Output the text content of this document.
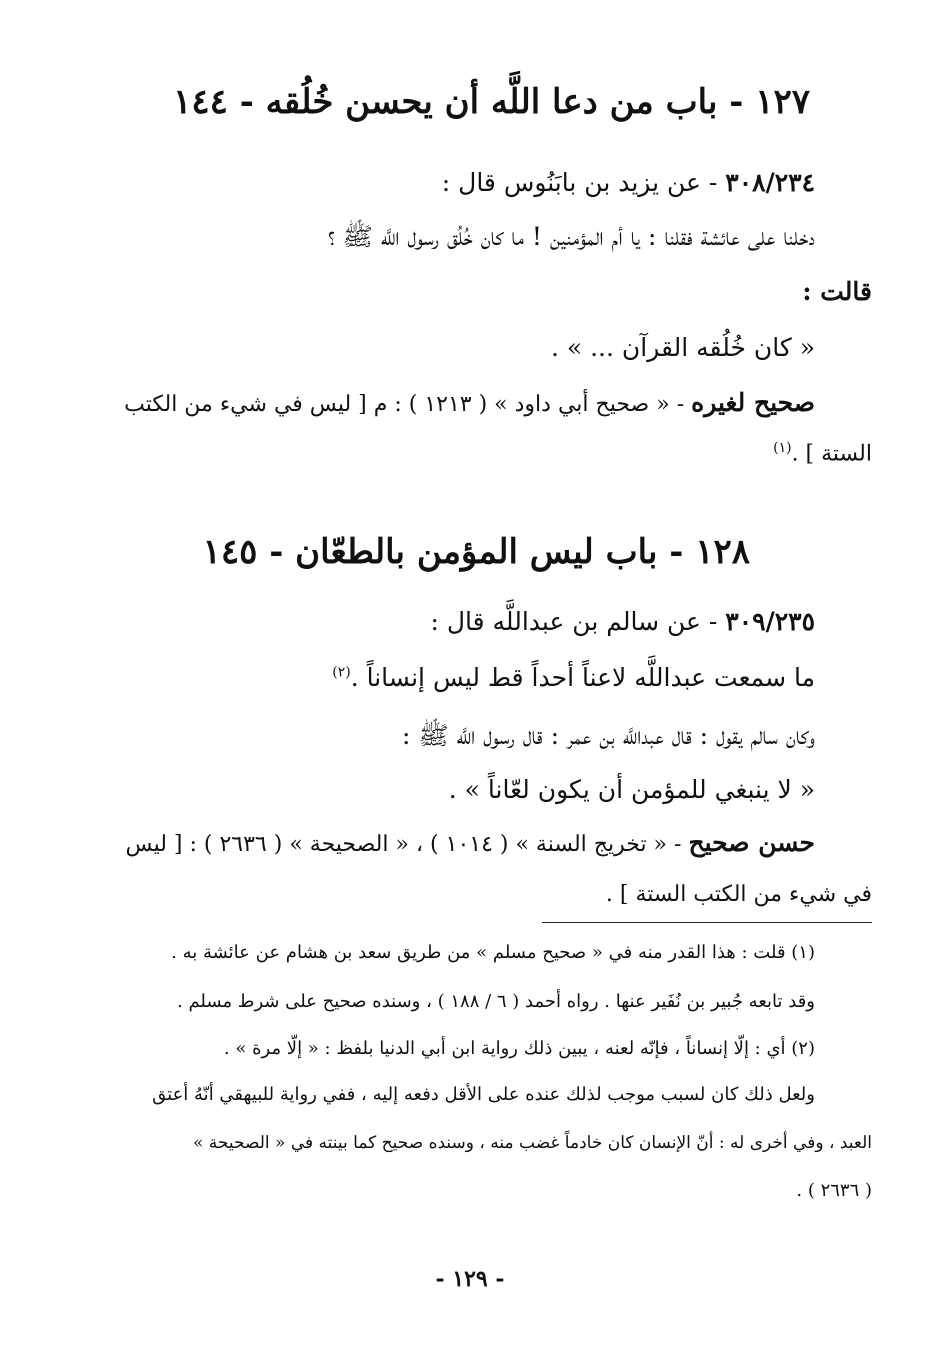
١٢٧ - باب من دعا اللَّه أن يحسن خُلُقه - ١٤٤
٣٠٨/٢٣٤ - عن يزيد بن بابَنُوس قال :
دخلنا على عائشة فقلنا : يا أم المؤمنين ! ما كان خُلُق رسول اللَّه ﷺ ؟
قالت :
« كان خُلُقه القرآن ... » .
صحيح لغيره - « صحيح أبي داود » ( ١٢١٣ ) : م [ ليس في شيء من الكتب
الستة ] .$^{(١)}$
١٢٨ - باب ليس المؤمن بالطعّان - ١٤٥
٣٠٩/٢٣٥ - عن سالم بن عبداللَّه قال :
ما سمعت عبداللَّه لاعناً أحداً قط ليس إنساناً .$^{(٢)}$
وكان سالم يقول : قال عبداللَّه بن عمر : قال رسول اللَّه ﷺ :
« لا ينبغي للمؤمن أن يكون لعّاناً » .
حسن صحيح - « تخريج السنة » ( ١٠١٤ ) ، « الصحيحة » ( ٢٦٣٦ ) : [ ليس
في شيء من الكتب الستة ] .
(١) قلت : هذا القدر منه في « صحيح مسلم » من طريق سعد بن هشام عن عائشة به .
وقد تابعه جُبير بن نُفَير عنها . رواه أحمد ( ٦ / ١٨٨ ) ، وسنده صحيح على شرط مسلم .
(٢) أي : إلّا إنساناً ، فإنّه لعنه ، يبين ذلك رواية ابن أبي الدنيا بلفظ : « إلّا مرة » .
ولعل ذلك كان لسبب موجب لذلك عنده على الأقل دفعه إليه ، ففي رواية للبيهقي أنّهُ أعتق
العبد ، وفي أخرى له : أنّ الإنسان كان خادماً غضب منه ، وسنده صحيح كما بينته في « الصحيحة »
( ٢٦٣٦ ) .
- ١٢٩ -
